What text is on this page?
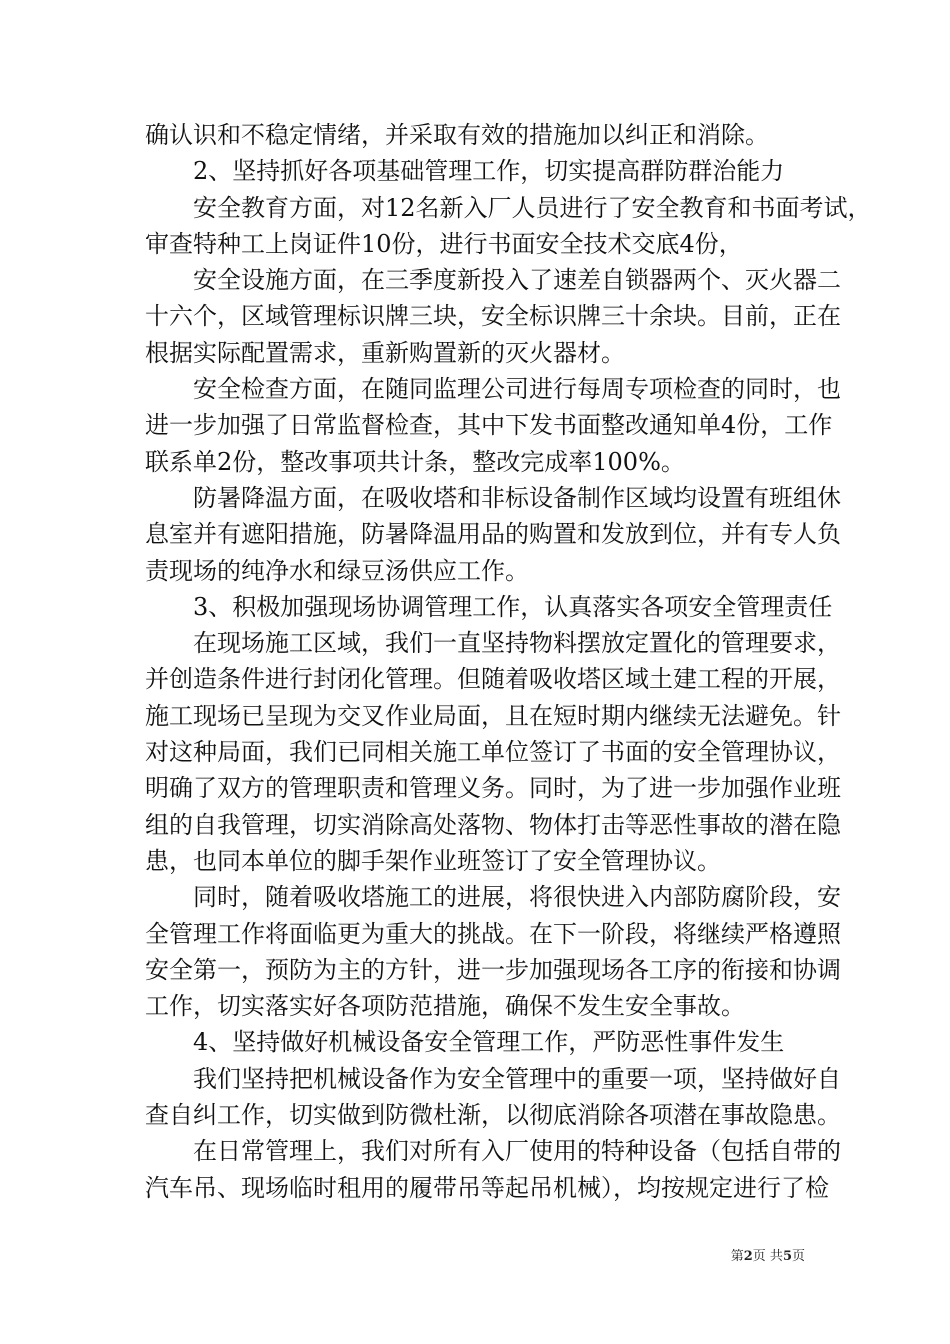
确认识和不稳定情绪，并采取有效的措施加以纠正和消除。
2、坚持抓好各项基础管理工作，切实提高群防群治能力
安全教育方面，对12名新入厂人员进行了安全教育和书面考试，
审查特种工上岗证件10份，进行书面安全技术交底4份，
安全设施方面，在三季度新投入了速差自锁器两个、灭火器二
十六个，区域管理标识牌三块，安全标识牌三十余块。目前，正在
根据实际配置需求，重新购置新的灭火器材。
安全检查方面，在随同监理公司进行每周专项检查的同时，也
进一步加强了日常监督检查，其中下发书面整改通知单4份，工作
联系单2份，整改事项共计条，整改完成率100%。
防暑降温方面，在吸收塔和非标设备制作区域均设置有班组休
息室并有遮阳措施，防暑降温用品的购置和发放到位，并有专人负
责现场的纯净水和绿豆汤供应工作。
3、积极加强现场协调管理工作，认真落实各项安全管理责任
在现场施工区域，我们一直坚持物料摆放定置化的管理要求，
并创造条件进行封闭化管理。但随着吸收塔区域土建工程的开展，
施工现场已呈现为交叉作业局面，且在短时期内继续无法避免。针
对这种局面，我们已同相关施工单位签订了书面的安全管理协议，
明确了双方的管理职责和管理义务。同时，为了进一步加强作业班
组的自我管理，切实消除高处落物、物体打击等恶性事故的潜在隐
患，也同本单位的脚手架作业班签订了安全管理协议。
同时，随着吸收塔施工的进展，将很快进入内部防腐阶段，安
全管理工作将面临更为重大的挑战。在下一阶段，将继续严格遵照
安全第一，预防为主的方针，进一步加强现场各工序的衔接和协调
工作，切实落实好各项防范措施，确保不发生安全事故。
4、坚持做好机械设备安全管理工作，严防恶性事件发生
我们坚持把机械设备作为安全管理中的重要一项，坚持做好自
查自纠工作，切实做到防微杜渐，以彻底消除各项潜在事故隐患。
在日常管理上，我们对所有入厂使用的特种设备（包括自带的
汽车吊、现场临时租用的履带吊等起吊机械），均按规定进行了检
第2页 共5页
